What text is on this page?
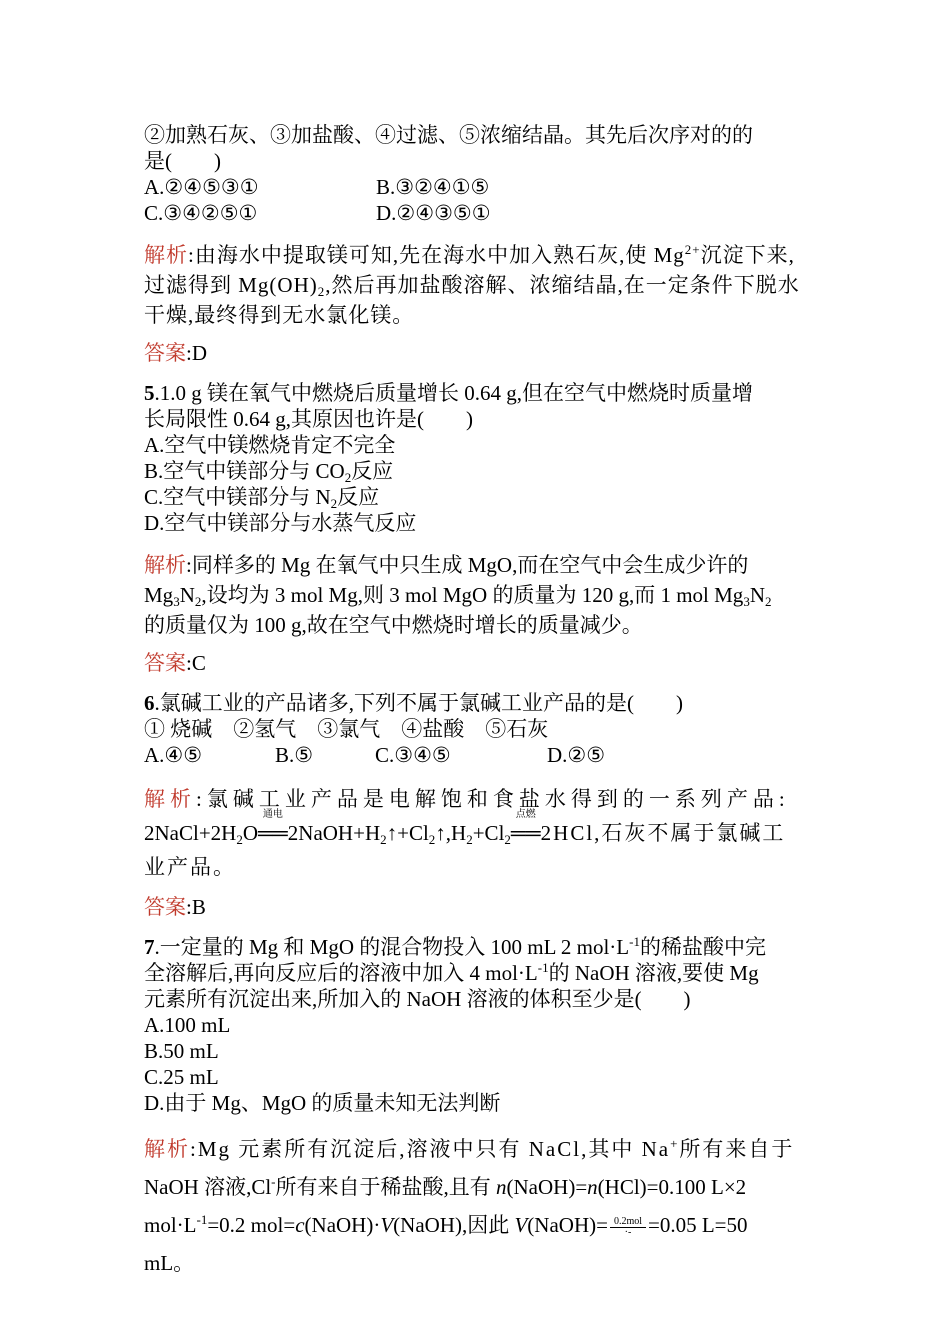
②加熟石灰、③加盐酸、④过滤、⑤浓缩结晶。其先后次序对的的

是(　　)

A.②④⑤③①	B.③②④①⑤

C.③④②⑤①	D.②④③⑤①

解析:由海水中提取镁可知,先在海水中加入熟石灰,使 $Mg^{2+}$沉淀下来,
过滤得到 $Mg(OH)_2$,然后再加盐酸溶解、浓缩结晶,在一定条件下脱水
干燥,最终得到无水氯化镁。

答案:D

5.1.0 g 镁在氧气中燃烧后质量增长 0.64 g,但在空气中燃烧时质量增

长局限性 0.64 g,其原因也许是(　　)

A.空气中镁燃烧肯定不完全

B.空气中镁部分与 $CO_2$反应

C.空气中镁部分与 $N_2$反应

D.空气中镁部分与水蒸气反应

解析:同样多的 Mg 在氧气中只生成 MgO,而在空气中会生成少许的
$Mg_3N_2$,设均为 3 mol Mg,则 3 mol MgO 的质量为 120 g,而 1 mol $Mg_3N_2$
的质量仅为 100 g,故在空气中燃烧时增长的质量减少。

答案:C

6.氯碱工业的产品诸多,下列不属于氯碱工业产品的是(　　)

① 烧碱　②氢气　③氯气　④盐酸　⑤石灰

A.④⑤	B.⑤	C.③④⑤	D.②⑤

解析:氯碱工业产品是电解饱和食盐水得到的一系列产品:
$2NaCl+2H_2O$
通电
$══2NaOH+H_2↑+Cl_2↑,H_2+Cl_2$
点燃
══2HCl,石灰不属于氯碱工
业产品。

答案:B

7.一定量的 Mg 和 MgO 的混合物投入 100 mL 2 $mol\cdot L^{-1}$的稀盐酸中完

全溶解后,再向反应后的溶液中加入 4 $mol\cdot L^{-1}$的 NaOH 溶液,要使 Mg

元素所有沉淀出来,所加入的 NaOH 溶液的体积至少是(　　)

A.100 mL

B.50 mL

C.25 mL

D.由于 Mg、MgO 的质量未知无法判断

解析:Mg 元素所有沉淀后,溶液中只有 NaCl,其中 Na+所有来自于
NaOH 溶液,Cl-所有来自于稀盐酸,且有 n(NaOH)=n(HCl)=0.100 L×2
$mol\cdot L^{-1}=0.2$ mol=c(NaOH)·V(NaOH),因此 V(NaOH)= $\frac{\text{0.2mol}}{\cdot-}=0.05$ L=50
mL。
